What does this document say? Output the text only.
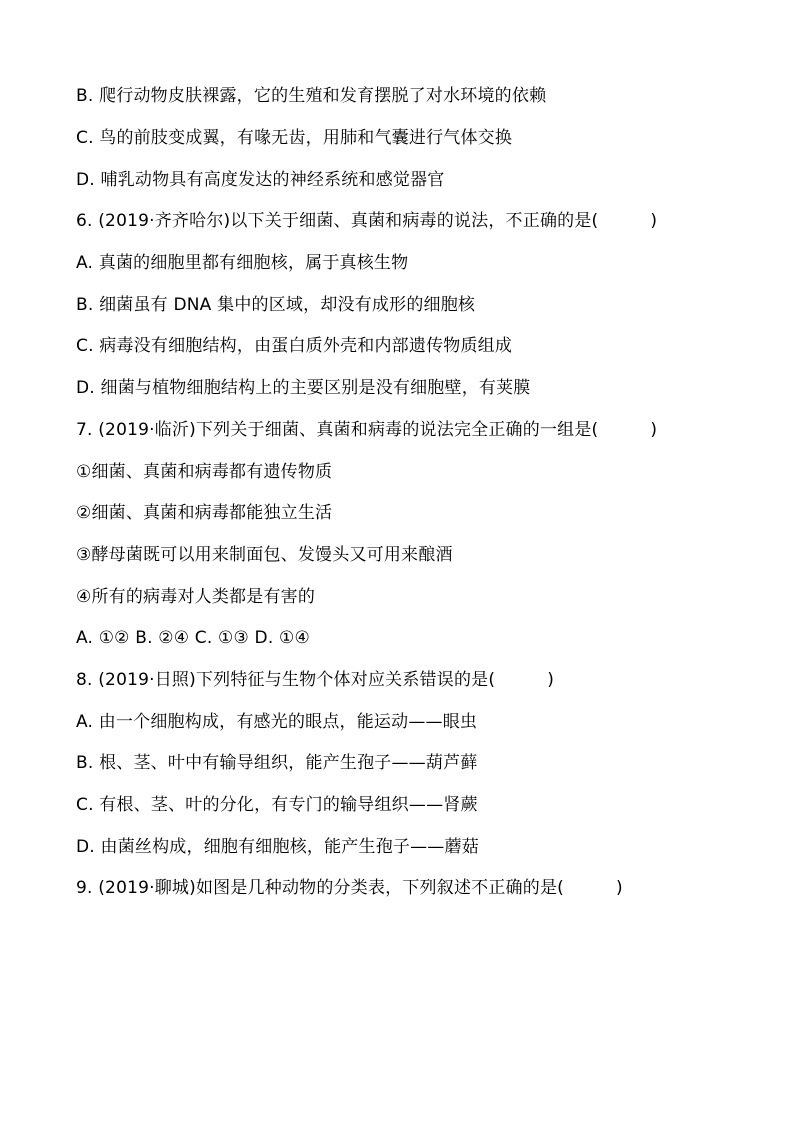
B. 爬行动物皮肤裸露，它的生殖和发育摆脱了对水环境的依赖
C. 鸟的前肢变成翼，有喙无齿，用肺和气囊进行气体交换
D. 哺乳动物具有高度发达的神经系统和感觉器官
6. (2019·齐齐哈尔)以下关于细菌、真菌和病毒的说法，不正确的是(	)
A. 真菌的细胞里都有细胞核，属于真核生物
B. 细菌虽有 DNA 集中的区域，却没有成形的细胞核
C. 病毒没有细胞结构，由蛋白质外壳和内部遗传物质组成
D. 细菌与植物细胞结构上的主要区别是没有细胞壁，有荚膜
7. (2019·临沂)下列关于细菌、真菌和病毒的说法完全正确的一组是(	)
①细菌、真菌和病毒都有遗传物质
②细菌、真菌和病毒都能独立生活
③酵母菌既可以用来制面包、发馒头又可用来酿酒
④所有的病毒对人类都是有害的
A. ①② B. ②④ C. ①③ D. ①④
8. (2019·日照)下列特征与生物个体对应关系错误的是(	)
A. 由一个细胞构成，有感光的眼点，能运动——眼虫
B. 根、茎、叶中有输导组织，能产生孢子——葫芦藓
C. 有根、茎、叶的分化，有专门的输导组织——肾蕨
D. 由菌丝构成，细胞有细胞核，能产生孢子——蘑菇
9. (2019·聊城)如图是几种动物的分类表，下列叙述不正确的是(	)
